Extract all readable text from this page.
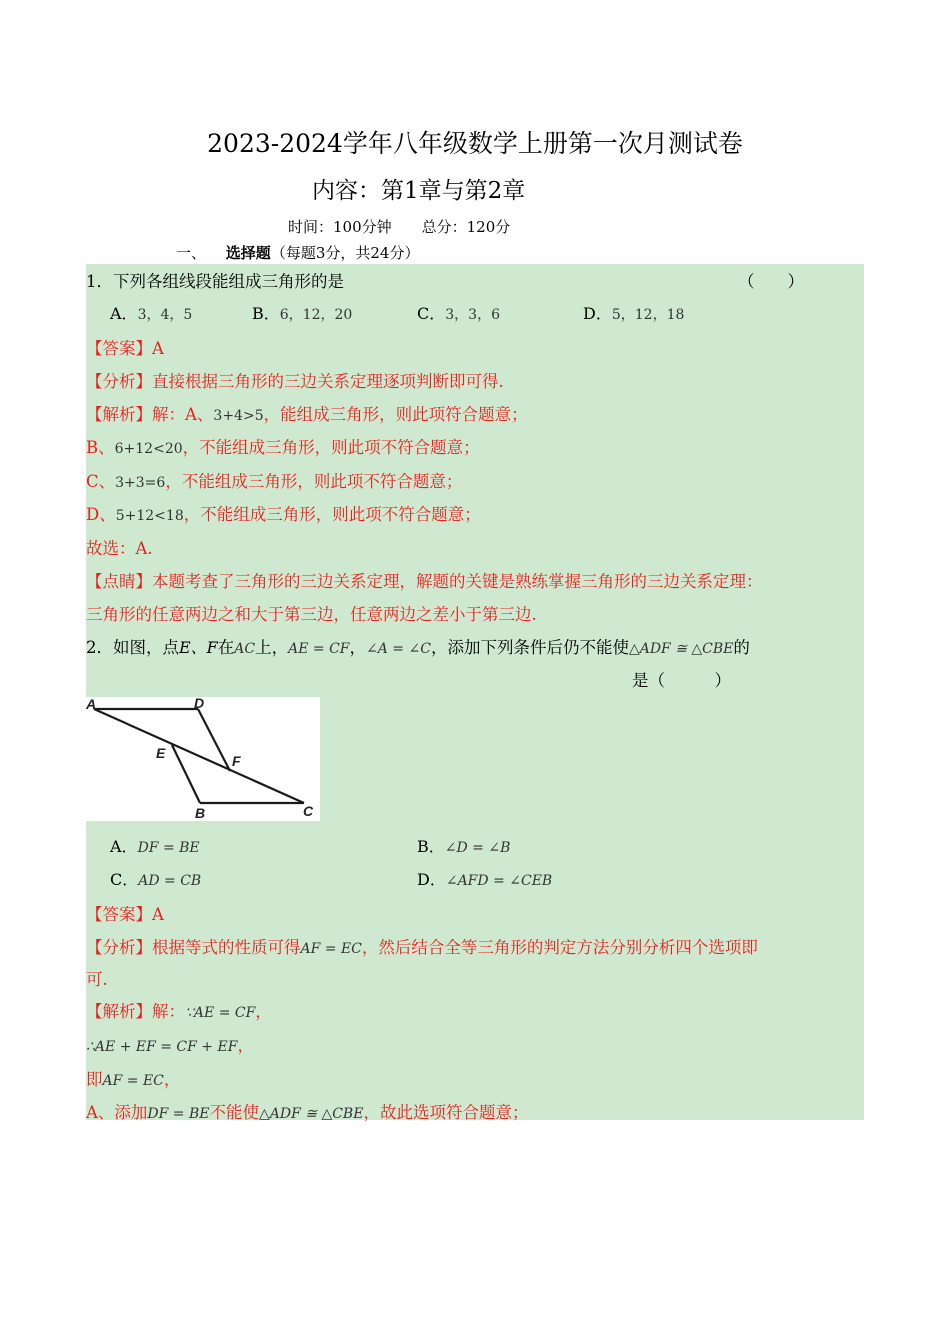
2023-2024学年八年级数学上册第一次月测试卷
内容：第1章与第2章
时间：100分钟　　总分：120分
一、  选择题（每题3分，共24分）
1．下列各组线段能组成三角形的是	（　　）
A．3，4，5	B．6，12，20	C．3，3，6	D．5，12，18
【答案】A
【分析】直接根据三角形的三边关系定理逐项判断即可得.
【解析】解：A、3+4>5，能组成三角形，则此项符合题意；
B、6+12<20，不能组成三角形，则此项不符合题意；
C、3+3=6，不能组成三角形，则此项不符合题意；
D、5+12<18，不能组成三角形，则此项不符合题意；
故选：A.
【点睛】本题考查了三角形的三边关系定理，解题的关键是熟练掌握三角形的三边关系定理：
三角形的任意两边之和大于第三边，任意两边之差小于第三边.
2．如图，点E、F在AC上，AE = CF，∠A = ∠C，添加下列条件后仍不能使△ADF ≅ △CBE的
是（　　　）
A	D
E	F
B	C
A．DF = BE	B．∠D = ∠B
C．AD = CB	D．∠AFD = ∠CEB
【答案】A
【分析】根据等式的性质可得AF = EC，然后结合全等三角形的判定方法分别分析四个选项即
可.
【解析】解：∵AE = CF，
∴AE + EF = CF + EF，
即AF = EC，
A、添加DF = BE不能使△ADF ≅ △CBE，故此选项符合题意；
